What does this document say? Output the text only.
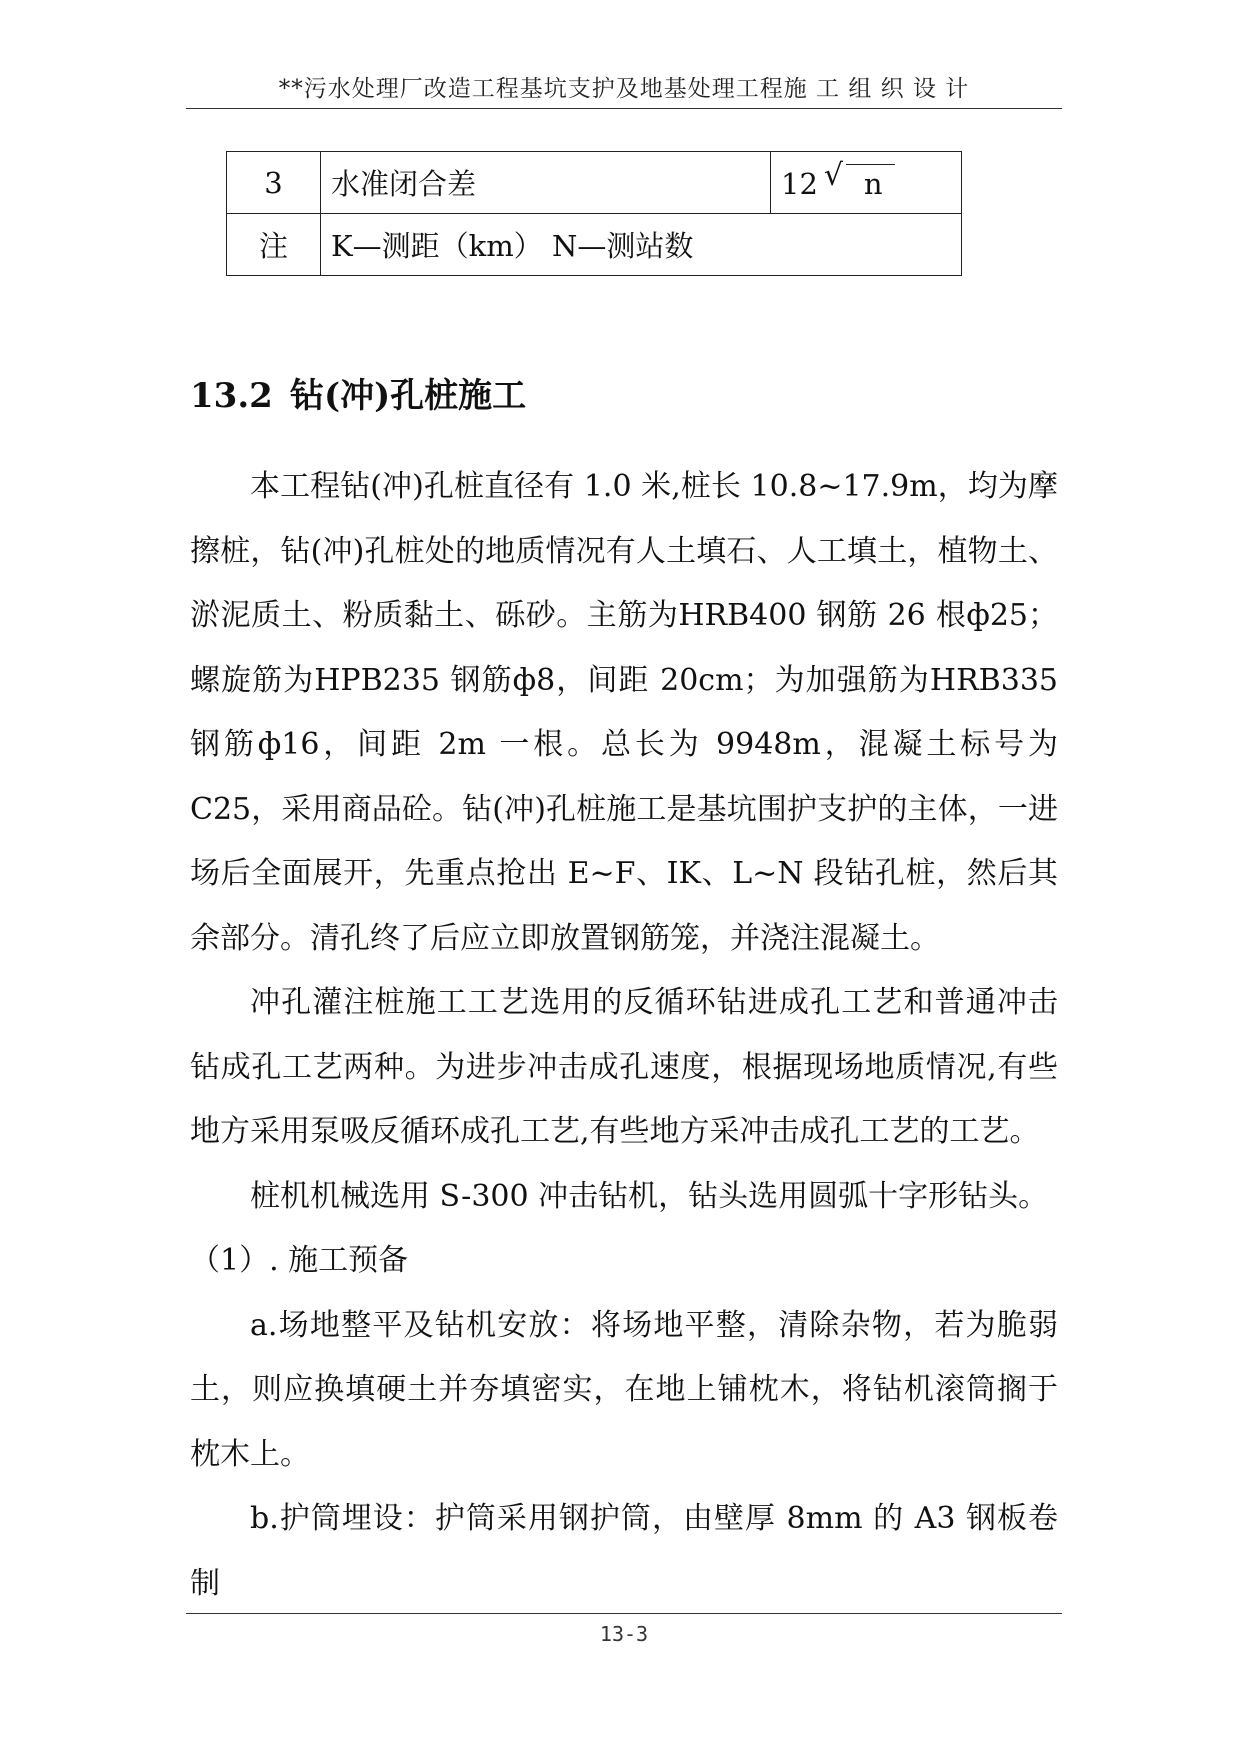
**污水处理厂改造工程基坑支护及地基处理工程施 工 组 织 设 计
3	水准闭合差	12 √ n
注	K—测距（km） N—测站数	
13.2 钻(冲)孔桩施工

本工程钻(冲)孔桩直径有 1.0 米,桩长 10.8~17.9m，均为摩擦桩，钻(冲)孔桩处的地质情况有人土填石、人工填土，植物土、淤泥质土、粉质黏土、砾砂。主筋为HRB400 钢筋 26 根ф25；螺旋筋为HPB235 钢筋ф8，间距 20cm；为加强筋为HRB335 钢筋ф16，间距 2m 一根。总长为 9948m，混凝土标号为 C25，采用商品砼。钻(冲)孔桩施工是基坑围护支护的主体，一进场后全面展开，先重点抢出 E~F、IK、L~N 段钻孔桩，然后其余部分。清孔终了后应立即放置钢筋笼，并浇注混凝土。

冲孔灌注桩施工工艺选用的反循环钻进成孔工艺和普通冲击钻成孔工艺两种。为进步冲击成孔速度，根据现场地质情况,有些地方采用泵吸反循环成孔工艺,有些地方采冲击成孔工艺的工艺。

桩机机械选用 S-300 冲击钻机，钻头选用圆弧十字形钻头。

（1）. 施工预备

a.场地整平及钻机安放：将场地平整，清除杂物，若为脆弱土，则应换填硬土并夯填密实，在地上铺枕木，将钻机滚筒搁于枕木上。

b.护筒埋设：护筒采用钢护筒，由壁厚 8mm 的 A3 钢板卷制

13-3
